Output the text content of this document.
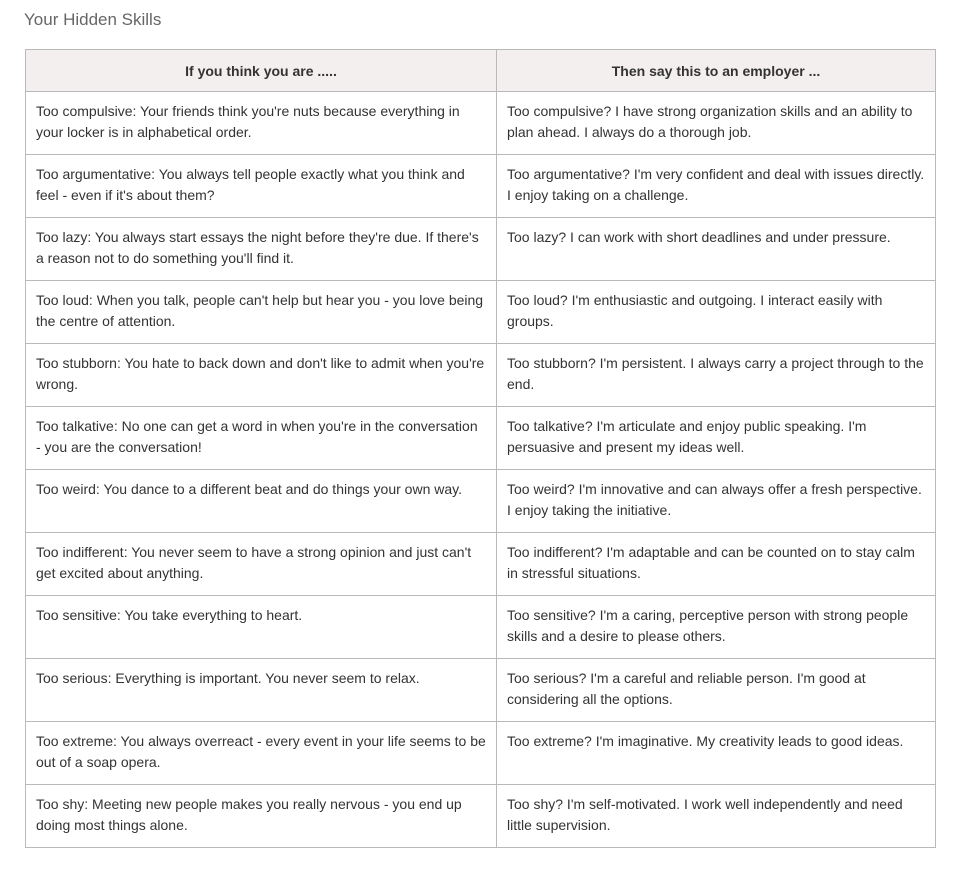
Your Hidden Skills
If you think you are .....	Then say this to an employer ...
Too compulsive: Your friends think you're nuts because everything in your locker is in alphabetical order.	Too compulsive? I have strong organization skills and an ability to plan ahead. I always do a thorough job.
Too argumentative: You always tell people exactly what you think and feel - even if it's about them?	Too argumentative? I'm very confident and deal with issues directly. I enjoy taking on a challenge.
Too lazy: You always start essays the night before they're due. If there's a reason not to do something you'll find it.	Too lazy? I can work with short deadlines and under pressure.
Too loud: When you talk, people can't help but hear you - you love being the centre of attention.	Too loud? I'm enthusiastic and outgoing. I interact easily with groups.
Too stubborn: You hate to back down and don't like to admit when you're wrong.	Too stubborn? I'm persistent. I always carry a project through to the end.
Too talkative: No one can get a word in when you're in the conversation - you are the conversation!	Too talkative? I'm articulate and enjoy public speaking. I'm persuasive and present my ideas well.
Too weird: You dance to a different beat and do things your own way.	Too weird? I'm innovative and can always offer a fresh perspective. I enjoy taking the initiative.
Too indifferent: You never seem to have a strong opinion and just can't get excited about anything.	Too indifferent? I'm adaptable and can be counted on to stay calm in stressful situations.
Too sensitive: You take everything to heart.	Too sensitive? I'm a caring, perceptive person with strong people skills and a desire to please others.
Too serious: Everything is important. You never seem to relax.	Too serious? I'm a careful and reliable person. I'm good at considering all the options.
Too extreme: You always overreact - every event in your life seems to be out of a soap opera.	Too extreme? I'm imaginative. My creativity leads to good ideas.
Too shy: Meeting new people makes you really nervous - you end up doing most things alone.	Too shy? I'm self-motivated. I work well independently and need little supervision.
